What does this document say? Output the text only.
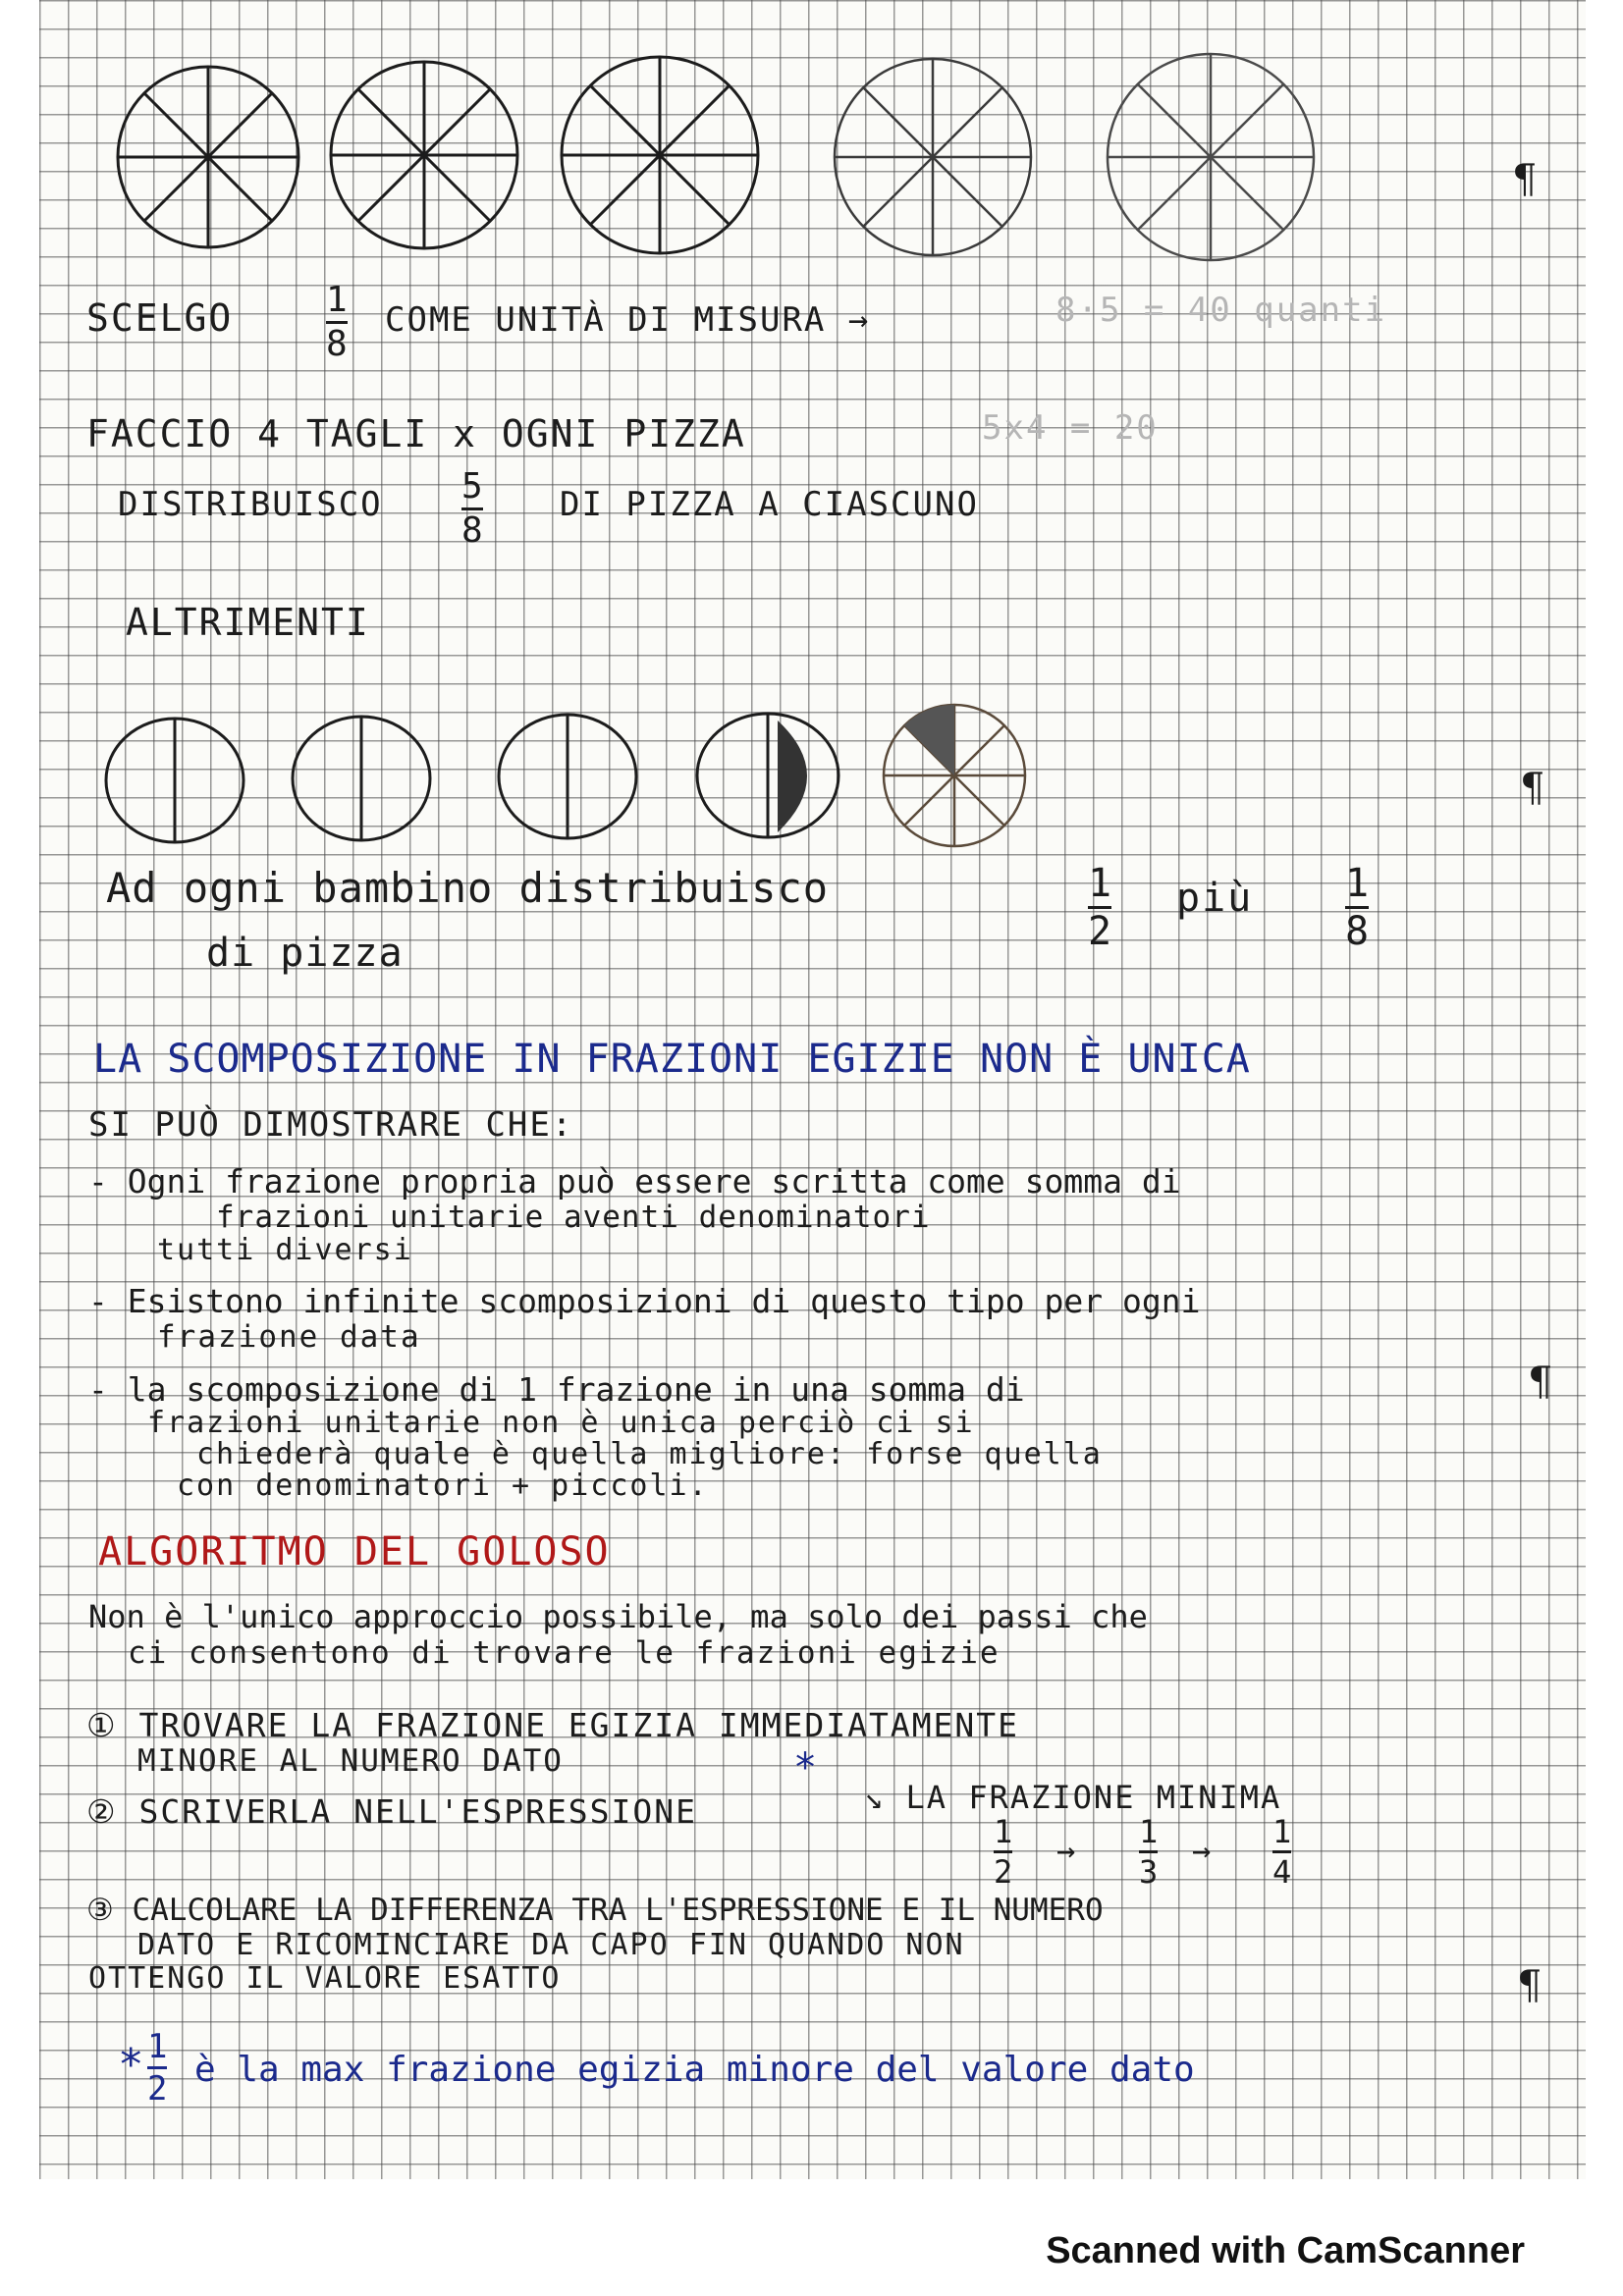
¶
¶
¶
¶
SCELGO	1
8
COME UNITÀ DI MISURA →	8·5 = 40 quanti
FACCIO 4 TAGLI x OGNI PIZZA	5x4 = 20
DISTRIBUISCO 5
8
DI PIZZA A CIASCUNO
ALTRIMENTI
Ad ogni bambino distribuisco
di pizza
1
2
più 1
8
LA SCOMPOSIZIONE IN FRAZIONI EGIZIE NON È UNICA
SI PUÒ DIMOSTRARE CHE:
- Ogni frazione propria può essere scritta come somma di
frazioni unitarie aventi denominatori
tutti diversi
- Esistono infinite scomposizioni di questo tipo per ogni
frazione data
- la scomposizione di 1 frazione in una somma di
frazioni unitarie non è unica perciò ci si
chiederà quale è quella migliore: forse quella
con denominatori + piccoli.
ALGORITMO DEL GOLOSO
Non è l'unico approccio possibile, ma solo dei passi che
ci consentono di trovare le frazioni egizie
① TROVARE LA FRAZIONE EGIZIA IMMEDIATAMENTE
MINORE AL NUMERO DATO	*
② SCRIVERLA NELL'ESPRESSIONE	↘ LA FRAZIONE MINIMA
1
2
→ 1
3
→ 1
4
③ CALCOLARE LA DIFFERENZA TRA L'ESPRESSIONE E IL NUMERO
DATO E RICOMINCIARE DA CAPO FIN QUANDO NON
OTTENGO IL VALORE ESATTO
* 1
2 è la max frazione egizia minore del valore dato
Scanned with CamScanner
